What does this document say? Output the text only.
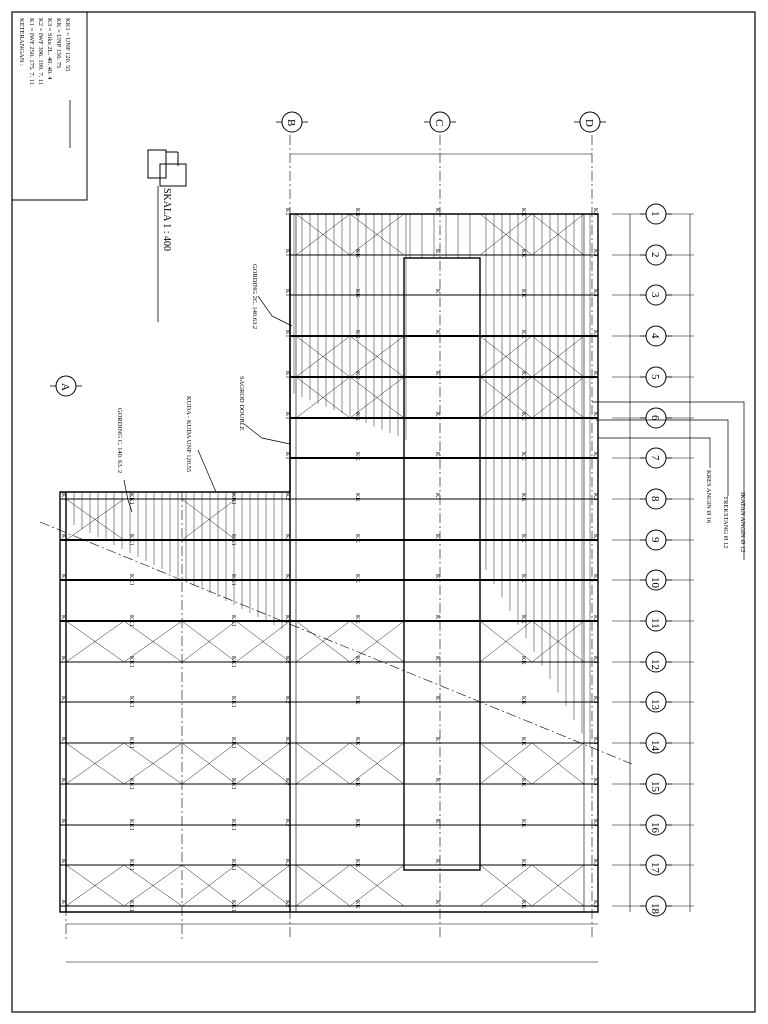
KETERANGAN : K1 = IWF 250. 175. 7. 11 K2 = IWF 396. 199. 7. 11 K3 = Siku 2L. 40. 40. 4 KK = UNP 150. 75 KK1 = UNP 120. 55
SKALA 1 : 400	K1	K1	K3
KK	KK
K1	K1	K3
KK	KK
K1	K1	K3
KK	KK
K1	K1	K3
KK	KK
K1	K1	K3
KK	KK
K1	K1	K3
KK	KK
K1	K1	K3
KK	KK
K2
K1	K1	K3
KK	KK
KK1	KK1
K2
K1	K1	K3
KK	KK
KK1	KK1
K2
K1	K1	K3
KK	KK
KK1	KK1
K2
K1	K1	K3
KK	KK
KK1	KK1
K2
K1	K1	K3
KK	KK
KK1	KK1
K2
K1	K1	K3
KK	KK
KK1	KK1
K2
K1	K1	K3
KK	KK
KK1	KK1
K2
K1	K1	K3
KK	KK
KK1	KK1
K2
K1	K1	K3
KK	KK
KK1	KK1
K2
K1	K1	K3
KK	KK
KK1	KK1
K2
K1	K1	K3
KK	KK
KK1	KK1
A
B	C	D
1
2
3
4
5
6
7
8
9
10
11
12
13
14
15
16
17
18
GORDING 2C. 140.63.2
SAGROD DOUBLE
KUDA - KUDA UNP 120.55
GORDING C. 140. 63. 2
IKATAN ANGIN Ø 12
TREKSTANG Ø 12
KRES ANGIN Ø 16
